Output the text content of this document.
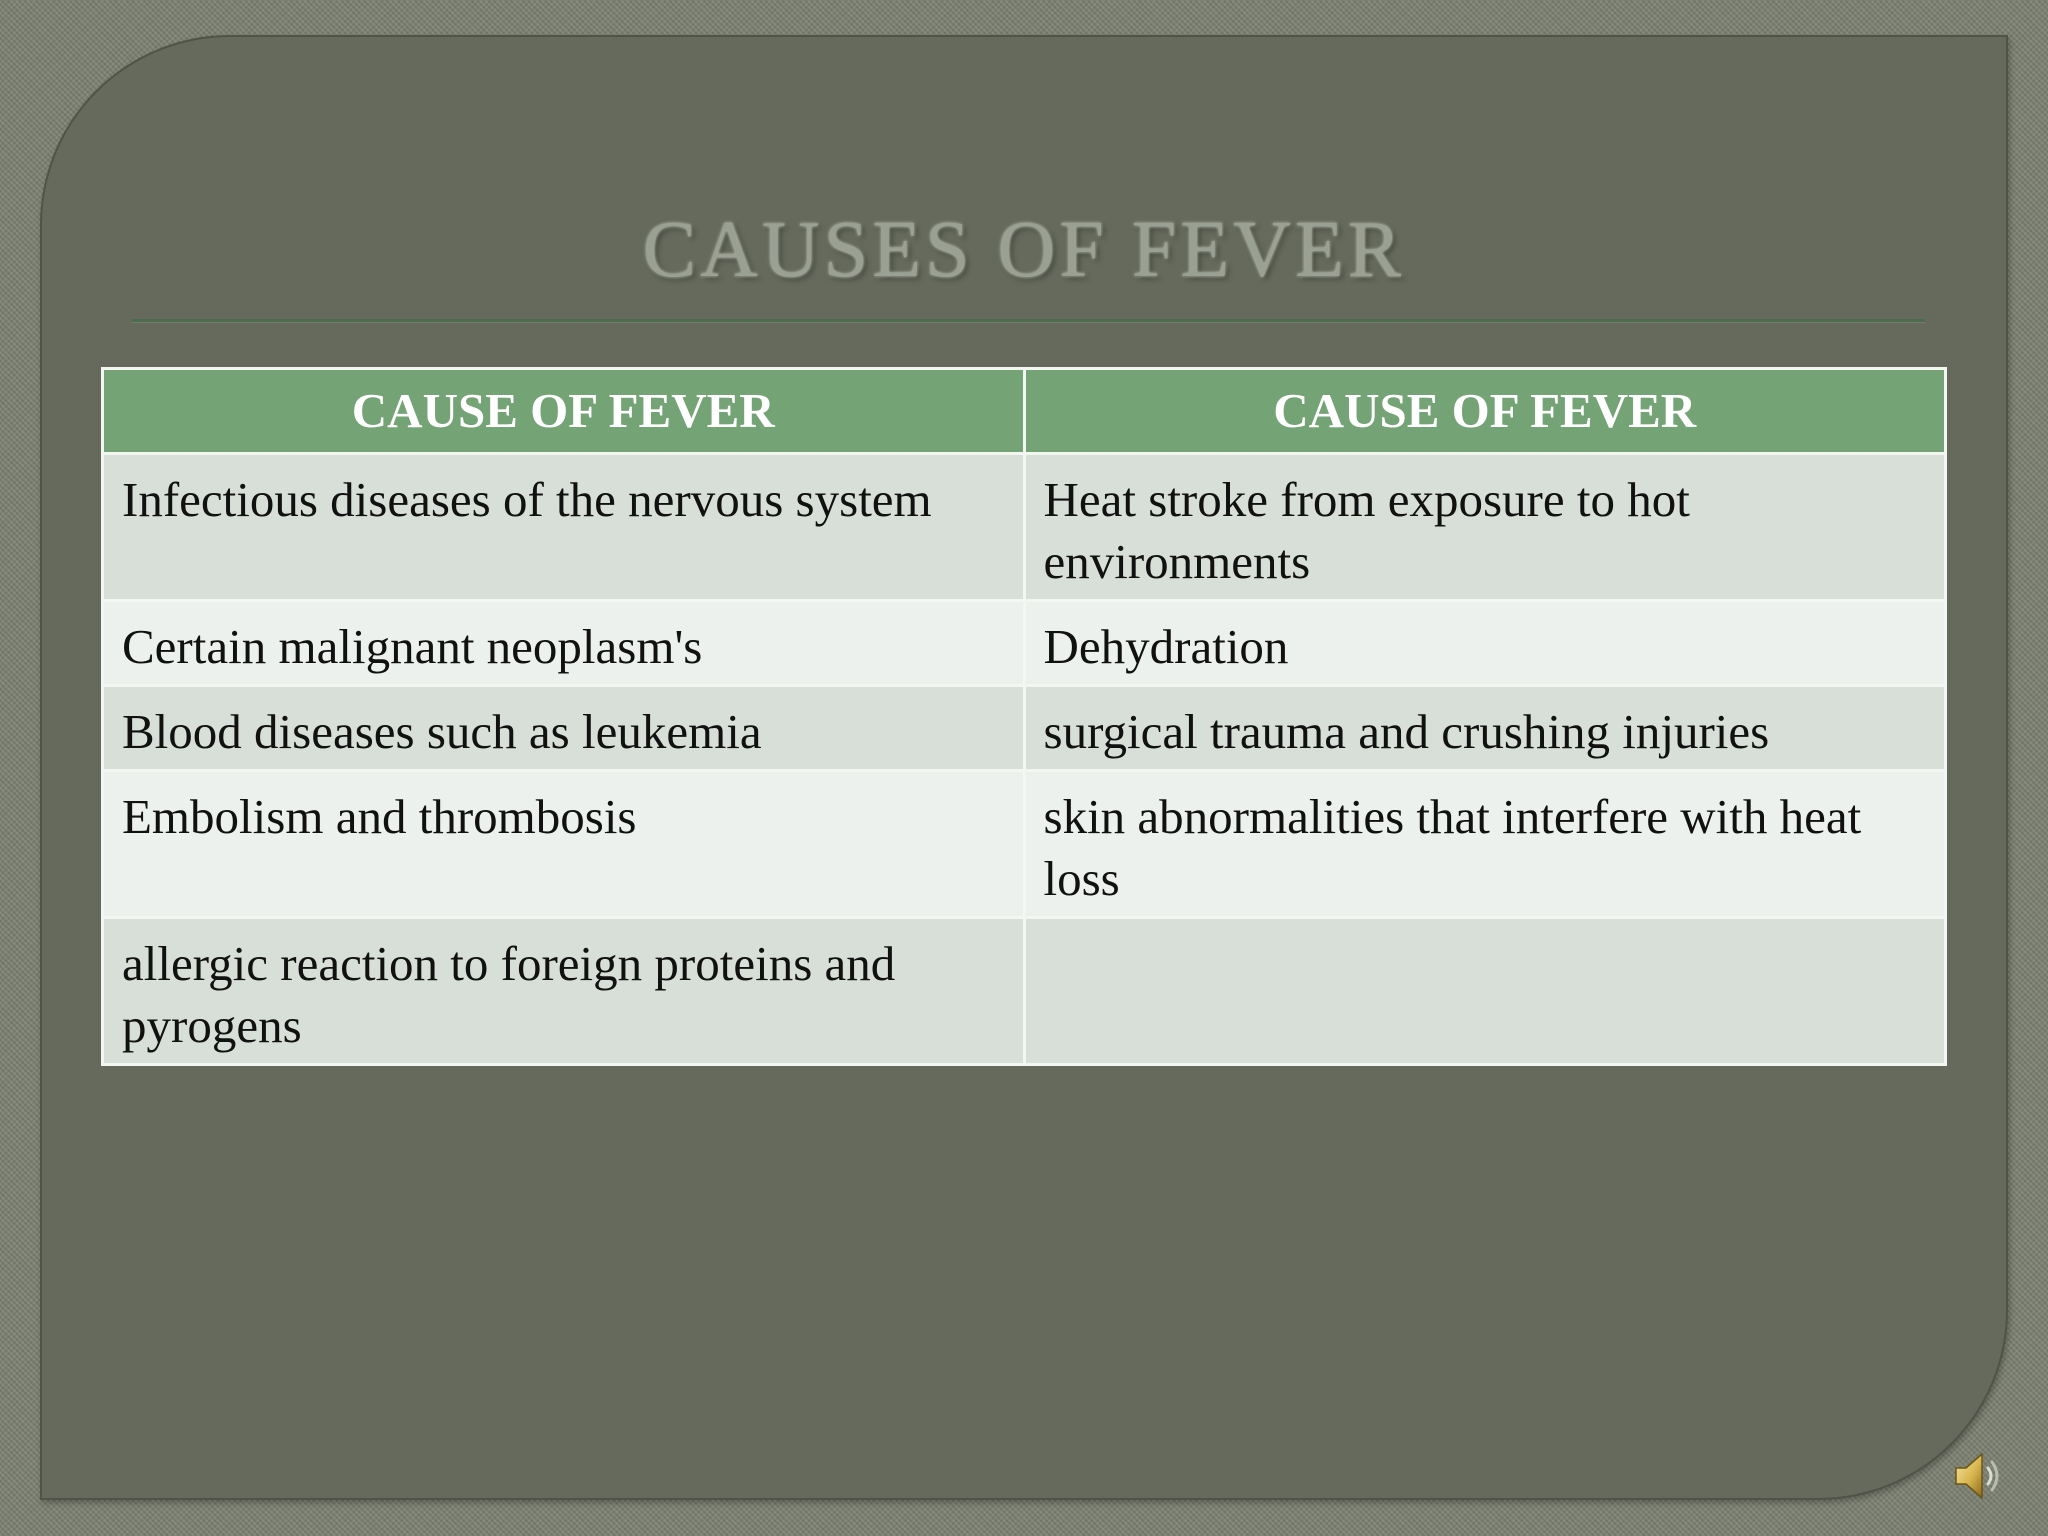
CAUSES OF FEVER
CAUSE OF FEVER	CAUSE OF FEVER
Infectious diseases of the nervous system	Heat stroke from exposure to hot environments
Certain malignant neoplasm's	Dehydration
Blood diseases such as leukemia	surgical trauma and crushing injuries
Embolism and thrombosis	skin abnormalities that interfere with heat loss
allergic reaction to foreign proteins and pyrogens	
